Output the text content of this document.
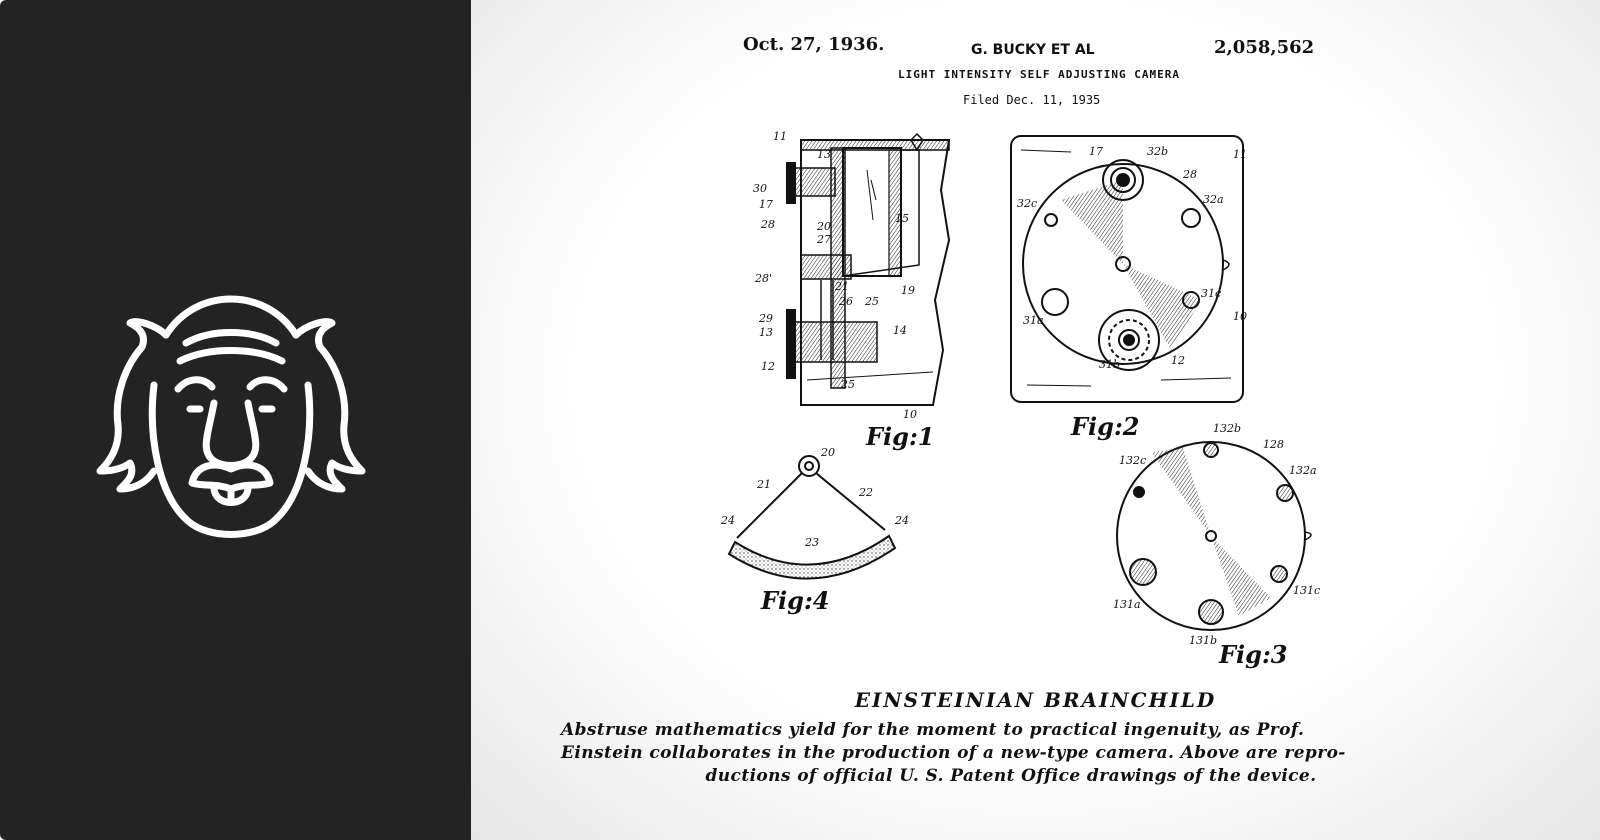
Oct. 27, 1936.	G. BUCKY ET AL	2,058,562
LIGHT INTENSITY SELF ADJUSTING CAMERA
Filed Dec. 11, 1935
11
13
30
17
28	15
20
27
28'
19
21
26 25
29
13	14
12
25
10
17	32b	11
28
32c	32a
31a
31c
10
31b	12
132b
128
132c
132a
131a
131c
131b
20
21
22
24
23
24
Fig:1	Fig:2
Fig:3
Fig:4
EINSTEINIAN BRAINCHILD
Abstruse mathematics yield for the moment to practical ingenuity, as Prof.
Einstein collaborates in the production of a new-type camera. Above are repro-
ductions of official U. S. Patent Office drawings of the device.
